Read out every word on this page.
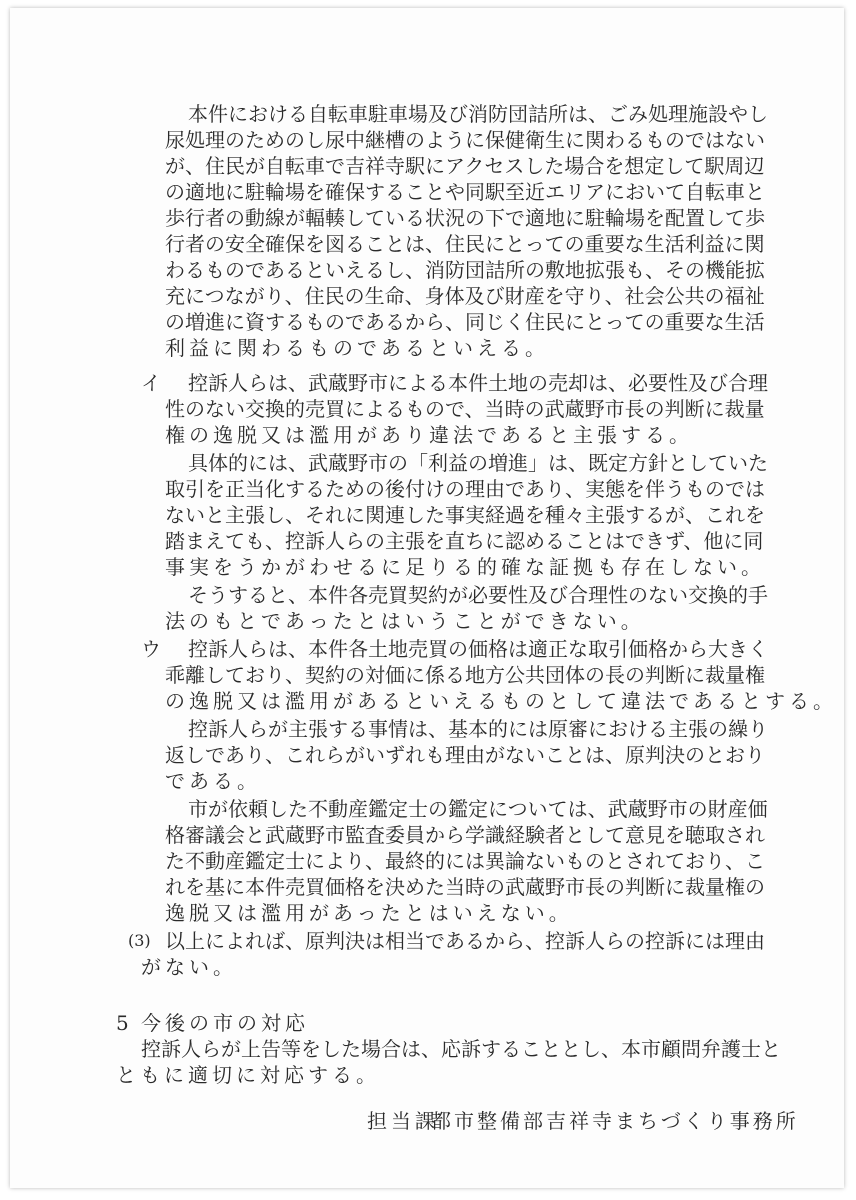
本件における自転車駐車場及び消防団詰所は、ごみ処理施設やし

尿処理のためのし尿中継槽のように保健衛生に関わるものではない

が、住民が自転車で吉祥寺駅にアクセスした場合を想定して駅周辺

の適地に駐輪場を確保することや同駅至近エリアにおいて自転車と

歩行者の動線が輻輳している状況の下で適地に駐輪場を配置して歩

行者の安全確保を図ることは、住民にとっての重要な生活利益に関

わるものであるといえるし、消防団詰所の敷地拡張も、その機能拡

充につながり、住民の生命、身体及び財産を守り、社会公共の福祉

の増進に資するものであるから、同じく住民にとっての重要な生活

利益に関わるものであるといえる。

イ 控訴人らは、武蔵野市による本件土地の売却は、必要性及び合理

性のない交換的売買によるもので、当時の武蔵野市長の判断に裁量

権の逸脱又は濫用があり違法であると主張する。

具体的には、武蔵野市の「利益の増進」は、既定方針としていた

取引を正当化するための後付けの理由であり、実態を伴うものでは

ないと主張し、それに関連した事実経過を種々主張するが、これを

踏まえても、控訴人らの主張を直ちに認めることはできず、他に同

事実をうかがわせるに足りる的確な証拠も存在しない。

そうすると、本件各売買契約が必要性及び合理性のない交換的手

法のもとであったとはいうことができない。

ウ 控訴人らは、本件各土地売買の価格は適正な取引価格から大きく

乖離しており、契約の対価に係る地方公共団体の長の判断に裁量権

の逸脱又は濫用があるといえるものとして違法であるとする。

控訴人らが主張する事情は、基本的には原審における主張の繰り

返しであり、これらがいずれも理由がないことは、原判決のとおり

である。

市が依頼した不動産鑑定士の鑑定については、武蔵野市の財産価

格審議会と武蔵野市監査委員から学識経験者として意見を聴取され

た不動産鑑定士により、最終的には異論ないものとされており、こ

れを基に本件売買価格を決めた当時の武蔵野市長の判断に裁量権の

逸脱又は濫用があったとはいえない。

(3) 以上によれば、原判決は相当であるから、控訴人らの控訴には理由

がない。

5 今後の市の対応

控訴人らが上告等をした場合は、応訴することとし、本市顧問弁護士と

ともに適切に対応する。

担当課
都市整備部吉祥寺まちづくり事務所
